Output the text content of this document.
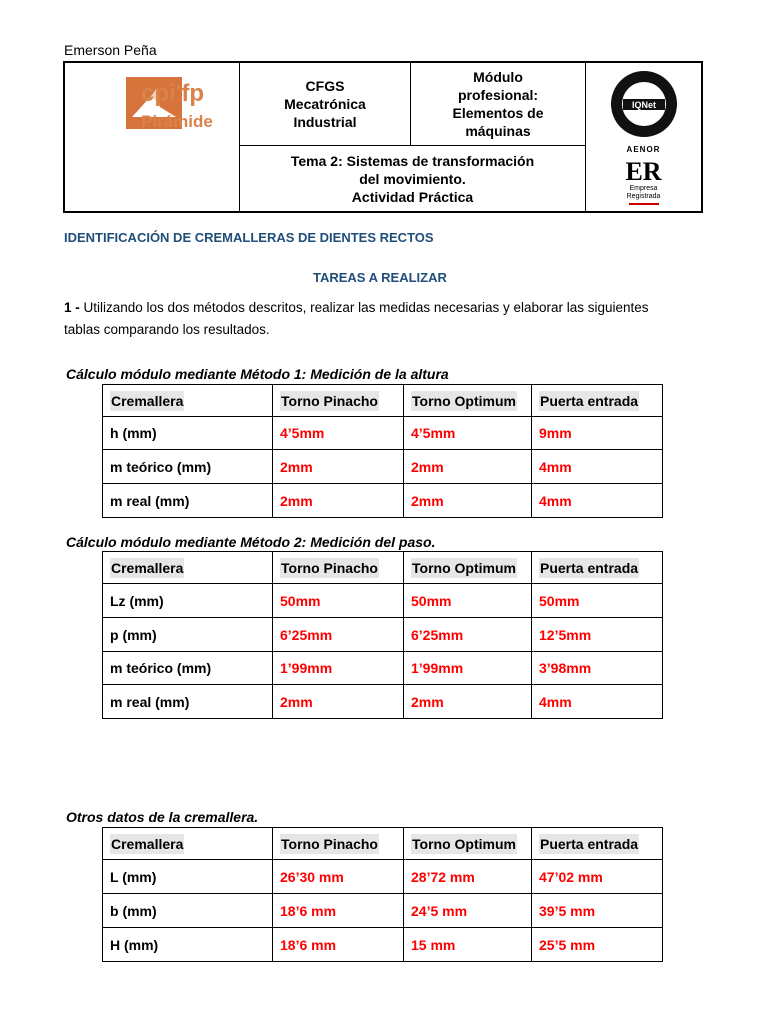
Emerson Peña
cpi'fp
Pirámide
CFGS
Mecatrónica
Industrial
Módulo
profesional:
Elementos de
máquinas
Tema 2: Sistemas de transformación
del movimiento.
Actividad Práctica
IQNet
AENOR
ER
Empresa
Registrada
IDENTIFICACIÓN DE CREMALLERAS DE DIENTES RECTOS
TAREAS A REALIZAR
1 - Utilizando los dos métodos descritos, realizar las medidas necesarias y elaborar las siguientes
tablas comparando los resultados.
Cálculo módulo mediante Método 1: Medición de la altura
Cremallera	Torno Pinacho	Torno Optimum	Puerta entrada
h (mm)	4’5mm	4’5mm	9mm
m teórico (mm)	2mm	2mm	4mm
m real (mm)	2mm	2mm	4mm
Cálculo módulo mediante Método 2: Medición del paso.
Cremallera	Torno Pinacho	Torno Optimum	Puerta entrada
Lz (mm)	50mm	50mm	50mm
p (mm)	6’25mm	6’25mm	12’5mm
m teórico (mm)	1’99mm	1’99mm	3’98mm
m real (mm)	2mm	2mm	4mm
Otros datos de la cremallera.
Cremallera	Torno Pinacho	Torno Optimum	Puerta entrada
L (mm)	26’30 mm	28’72 mm	47’02 mm
b (mm)	18’6 mm	24’5 mm	39’5 mm
H (mm)	18’6 mm	15 mm	25’5 mm
